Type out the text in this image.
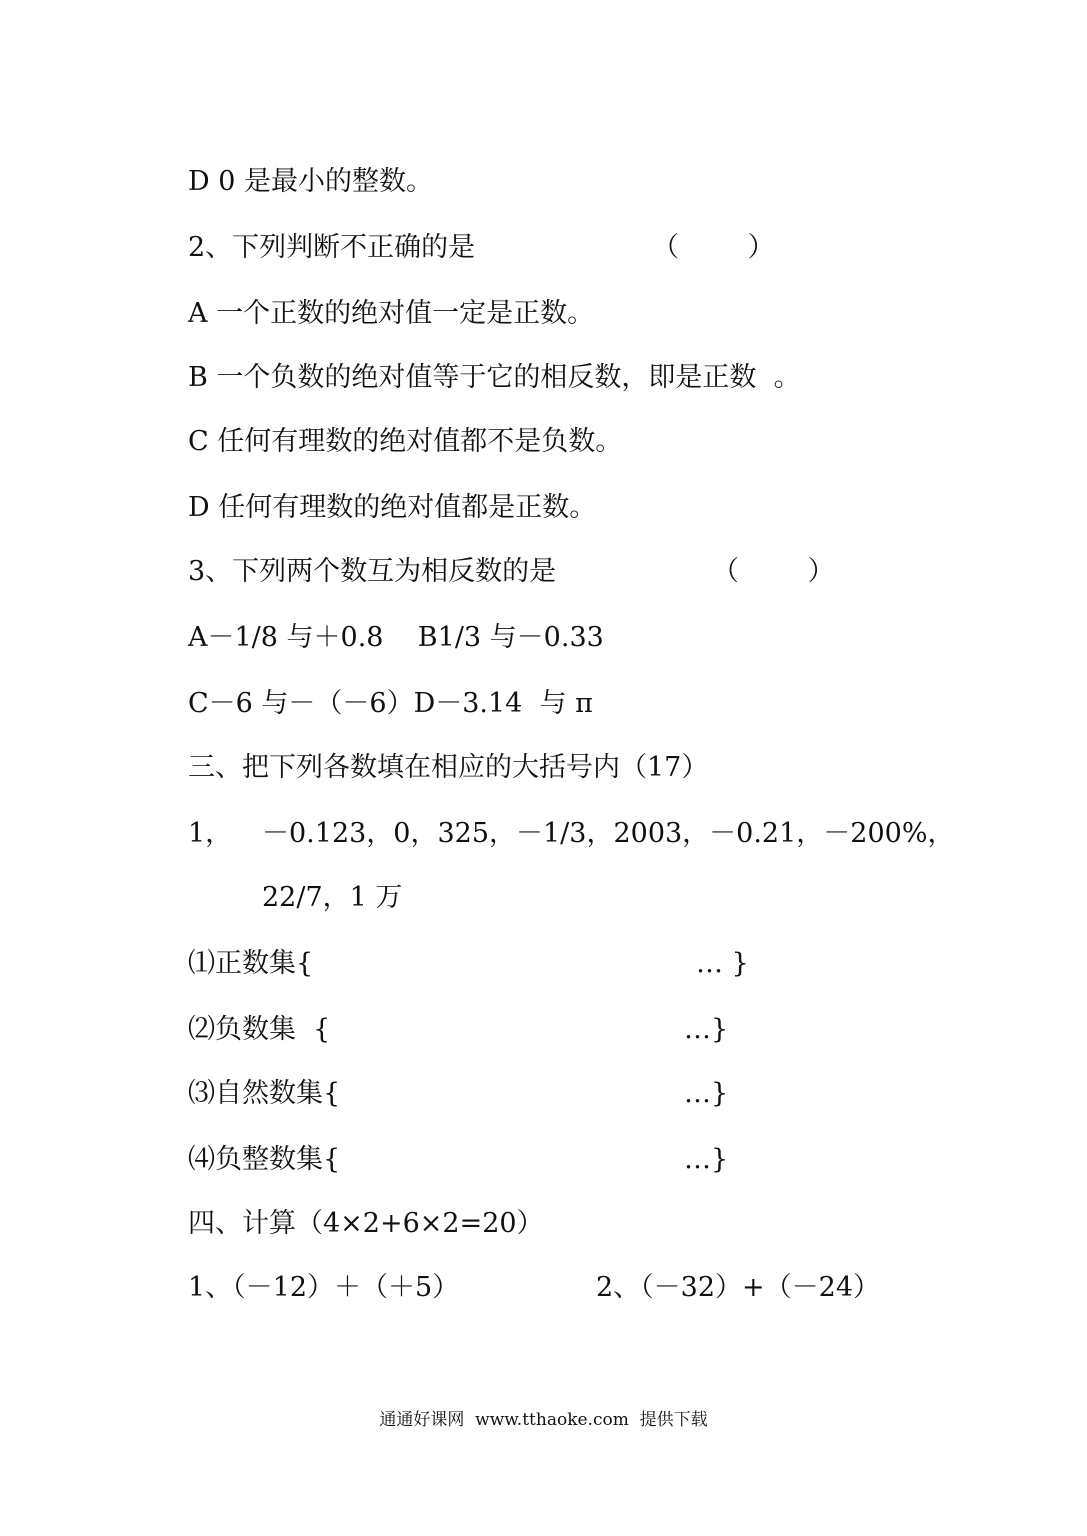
D 0 是最小的整数。
2、下列判断不正确的是	（        ）
A 一个正数的绝对值一定是正数。
B 一个负数的绝对值等于它的相反数，即是正数  。
C 任何有理数的绝对值都不是负数。
D 任何有理数的绝对值都是正数。
3、下列两个数互为相反数的是	（        ）
A－1/8 与＋0.8    B1/3 与－0.33
C－6 与－（－6）D－3.14  与 π
三、把下列各数填在相应的大括号内（17）
1， －0.123，0，325，－1/3，2003，－0.21，－200%，
22/7，1 万
⑴正数集{	… }
⑵负数集  {	…}
⑶自然数集{	…}
⑷负整数集{	…}
四、计算（4×2+6×2=20）
1、（－12）＋（＋5）	2、（－32）+（－24）
通通好课网  www.tthaoke.com  提供下载
